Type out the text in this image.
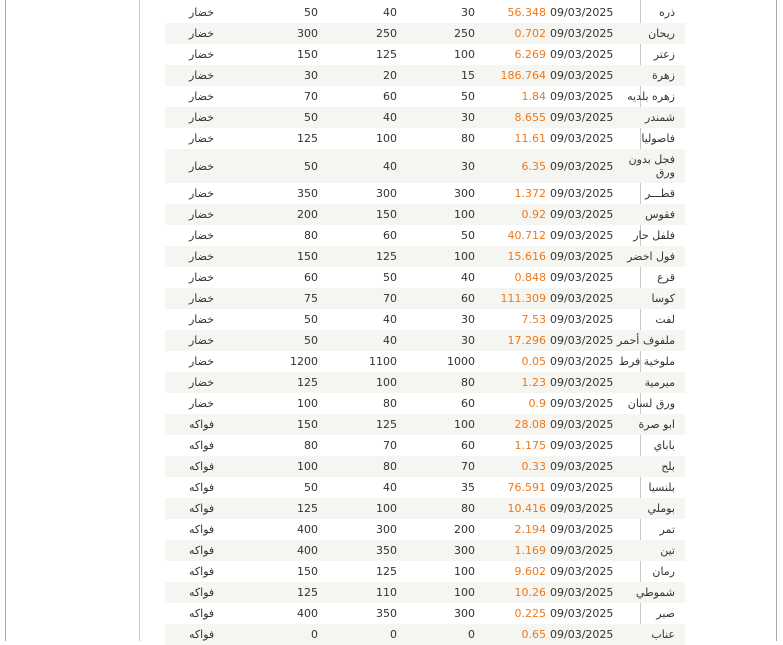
خضار	50	40	30	56.348	09/03/2025	ذره
خضار	300	250	250	0.702	09/03/2025	ريحان
خضار	150	125	100	6.269	09/03/2025	زعتر
خضار	30	20	15	186.764	09/03/2025	زهرة
خضار	70	60	50	1.84	09/03/2025	زهره بلديه
خضار	50	40	30	8.655	09/03/2025	شمندر
خضار	125	100	80	11.61	09/03/2025	فاصوليا
خضار	50	40	30	6.35	09/03/2025	فجل بدون ورق
خضار	350	300	300	1.372	09/03/2025	قطـــر
خضار	200	150	100	0.92	09/03/2025	فقوس
خضار	80	60	50	40.712	09/03/2025	فلفل حار
خضار	150	125	100	15.616	09/03/2025	فول اخضر
خضار	60	50	40	0.848	09/03/2025	قرع
خضار	75	70	60	111.309	09/03/2025	كوسا
خضار	50	40	30	7.53	09/03/2025	لفت
خضار	50	40	30	17.296	09/03/2025	ملفوف أحمر
خضار	1200	1100	1000	0.05	09/03/2025	ملوخية فرط
خضار	125	100	80	1.23	09/03/2025	ميرمية
خضار	100	80	60	0.9	09/03/2025	ورق لسان
فواكه	150	125	100	28.08	09/03/2025	ابو صرة
فواكه	80	70	60	1.175	09/03/2025	باباي
فواكه	100	80	70	0.33	09/03/2025	بلح
فواكه	50	40	35	76.591	09/03/2025	بلنسيا
فواكه	125	100	80	10.416	09/03/2025	بوملي
فواكه	400	300	200	2.194	09/03/2025	تمر
فواكه	400	350	300	1.169	09/03/2025	تين
فواكه	150	125	100	9.602	09/03/2025	رمان
فواكه	125	110	100	10.26	09/03/2025	شموطي
فواكه	400	350	300	0.225	09/03/2025	صبر
فواكه	0	0	0	0.65	09/03/2025	عناب
